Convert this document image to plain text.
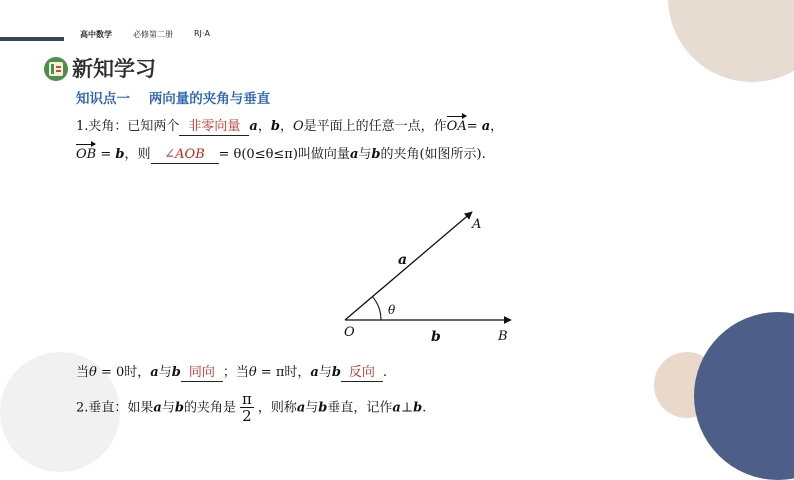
高中数学	必修第二册	RJ·A
新知学习
知识点一 两向量的夹角与垂直
1.夹角：已知两个 非零向量 a，b，O是平面上的任意一点，作OA= a，
OB = b，则 ∠AOB = θ(0≤θ≤π)叫做向量a与b的夹角(如图所示).
O
A
B
a
b
θ
当θ = 0时，a与b 同向 ；当θ = π时，a与b 反向 .
2.垂直：如果a与b的夹角是 $\frac{\pi}{2}$ ，则称a与b垂直，记作a⊥b.
